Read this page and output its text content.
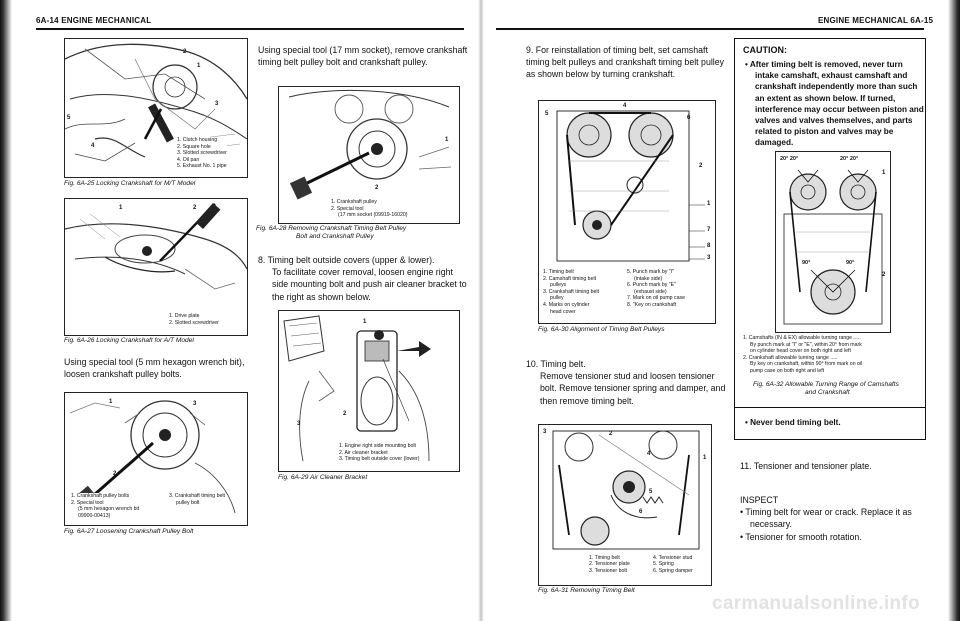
6A-14 ENGINE MECHANICAL
2
1
3
5
4
1. Clutch housing
2. Square hole
3. Slotted screwdriver
4. Oil pan
5. Exhaust No. 1 pipe
Fig. 6A-25 Locking Crankshaft for M/T Model
1	2
1. Drive plate
2. Slotted screwdriver
Fig. 6A-26 Locking Crankshaft for A/T Model

Using special tool (5 mm hexagon wrench bit), loosen crankshaft pulley bolts.

1	3
2
1. Crankshaft pulley bolts
2. Special tool
(5 mm hexagon wrench bit
09900-00413)
3. Crankshaft timing belt
pulley bolt
Fig. 6A-27 Loosening Crankshaft Pulley Bolt

Using special tool (17 mm socket), remove crankshaft timing belt pulley bolt and crankshaft pulley.

1
2
1. Crankshaft pulley
2. Special tool
(17 mm socket (09919-16020)
Fig. 6A-28 Removing Crankshaft Timing Belt Pulley
Bolt and Crankshaft Pulley

8. Timing belt outside covers (upper & lower).

To facilitate cover removal, loosen engine right side mounting bolt and push air cleaner bracket to the right as shown below.

1
2
3
1. Engine right side mounting bolt
2. Air cleaner bracket
3. Timing belt outside cover (lower)
Fig. 6A-29 Air Cleaner Bracket
ENGINE MECHANICAL 6A-15

9. For reinstallation of timing belt, set camshaft timing belt pulleys and crankshaft timing belt pulley as shown below by turning crankshaft.

4
5
6
2
1
7
8
3
1. Timing belt
2. Camshaft timing belt
pulleys
3. Crankshaft timing belt
pulley
4. Marks on cylinder
head cover
5. Punch mark by "I"
(intake side)
6. Punch mark by "E"
(exhaust side)
7. Mark on oil pump case
8. "Key on crankshaft
Fig. 6A-30 Alignment of Timing Belt Pulleys

10. Timing belt.

Remove tensioner stud and loosen tensioner bolt. Remove tensioner spring and damper, and then remove timing belt.

3	2
4
1
5
6
1. Timing belt
2. Tensioner plate
3. Tensioner bolt
4. Tensioner stud
5. Spring
6. Spring damper
Fig. 6A-31 Removing Timing Belt
CAUTION:
• After timing belt is removed, never turn intake camshaft, exhaust camshaft and crankshaft independently more than such an extent as shown below. If turned, interference may occur between piston and valves and valves themselves, and parts related to piston and valves may be damaged.
20° 20°	20° 20°
90°	90°
1
2
1. Camshafts (IN & EX) allowable turning range .....
By punch mark at "I" or "E", within 20° from mark
on cylinder head cover on both right and left
2. Crankshaft allowable turning range .....
By key on crankshaft, within 90° from mark on oil
pump case on both right and left
Fig. 6A-32 Allowable Turning Range of Camshafts
and Crankshaft
• Never bend timing belt.

11. Tensioner and tensioner plate.

INSPECT

• Timing belt for wear or crack. Replace it as necessary.

• Tensioner for smooth rotation.

carmanualsonline.info
